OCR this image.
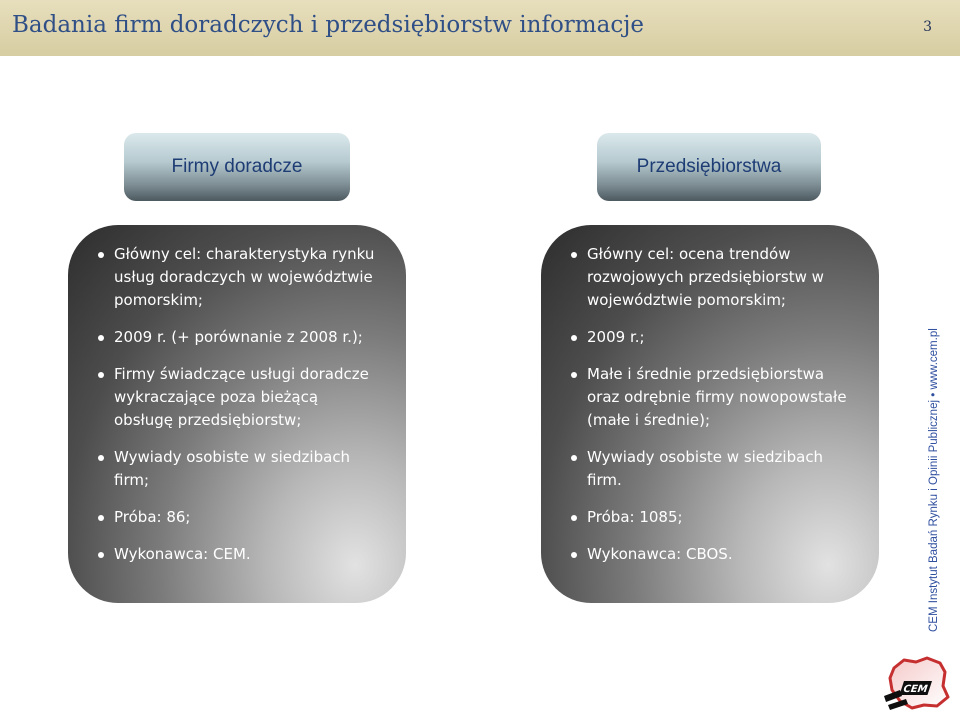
Badania firm doradczych i przedsiębiorstw informacje	3
Firmy doradcze	Przedsiębiorstwa
Główny cel: charakterystyka rynku usług doradczych w województwie pomorskim;
2009 r. (+ porównanie z 2008 r.);
Firmy świadczące usługi doradcze wykraczające poza bieżącą obsługę przedsiębiorstw;
Wywiady osobiste w siedzibach firm;
Próba: 86;
Wykonawca: CEM.
Główny cel: ocena trendów rozwojowych przedsiębiorstw w województwie pomorskim;
2009 r.;
Małe i średnie przedsiębiorstwa oraz odrębnie firmy nowopowstałe (małe i średnie);
Wywiady osobiste w siedzibach firm.
Próba: 1085;
Wykonawca: CBOS.	CEM Instytut Badań Rynku i Opinii Publicznej • www.cem.pl
CEM
